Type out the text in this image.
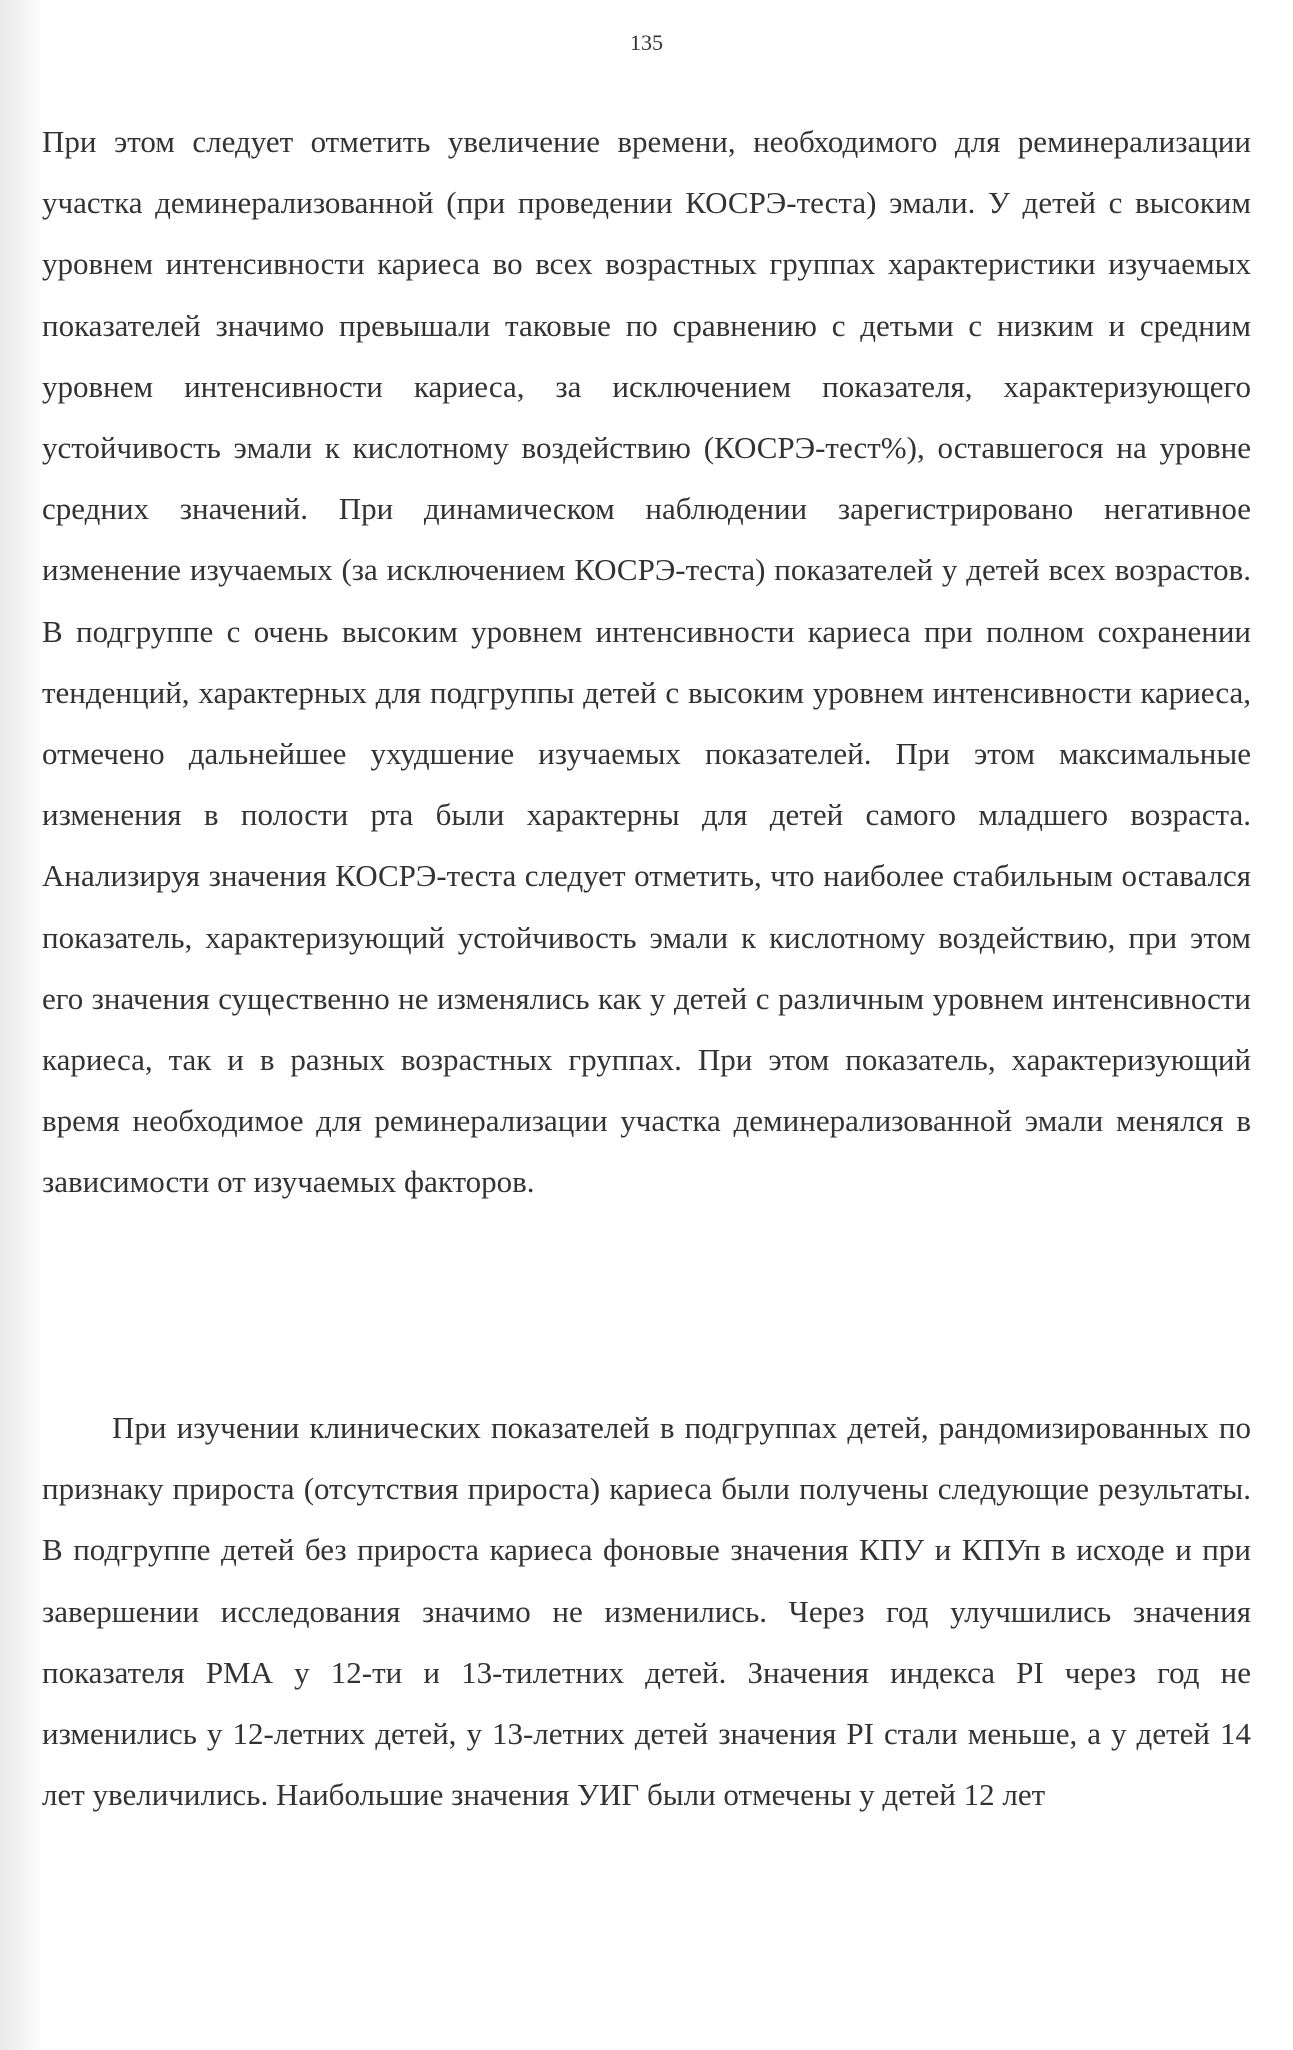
135

При этом следует отметить увеличение времени, необходимого для реминерализации участка деминерализованной (при проведении КОСРЭ-теста) эмали. У детей с высоким уровнем интенсивности кариеса во всех возрастных группах характеристики изучаемых показателей значимо превышали таковые по сравнению с детьми с низким и средним уровнем интенсивности кариеса, за исключением показателя, характеризующего устойчивость эмали к кислотному воздействию (КОСРЭ-тест%), оставшегося на уровне средних значений. При динамическом наблюдении зарегистрировано негативное изменение изучаемых (за исключением КОСРЭ-теста) показателей у детей всех возрастов. В подгруппе с очень высоким уровнем интенсивности кариеса при полном сохранении тенденций, характерных для подгруппы детей с высоким уровнем интенсивности кариеса, отмечено дальнейшее ухудшение изучаемых показателей. При этом максимальные изменения в полости рта были характерны для детей самого младшего возраста. Анализируя значения КОСРЭ-теста следует отметить, что наиболее стабильным оставался показатель, характеризующий устойчивость эмали к кислотному воздействию, при этом его значения существенно не изменялись как у детей с различным уровнем интенсивности кариеса, так и в разных возрастных группах. При этом показатель, характеризующий время необходимое для реминерализации участка деминерализованной эмали менялся в зависимости от изучаемых факторов.

При изучении клинических показателей в подгруппах детей, рандомизированных по признаку прироста (отсутствия прироста) кариеса были получены следующие результаты. В подгруппе детей без прироста кариеса фоновые значения КПУ и КПУп в исходе и при завершении исследования значимо не изменились. Через год улучшились значения показателя РМА у 12-ти и 13-тилетних детей. Значения индекса PI через год не изменились у 12-летних детей, у 13-летних детей значения PI стали меньше, а у детей 14 лет увеличились. Наибольшие значения УИГ были отмечены у детей 12 лет
